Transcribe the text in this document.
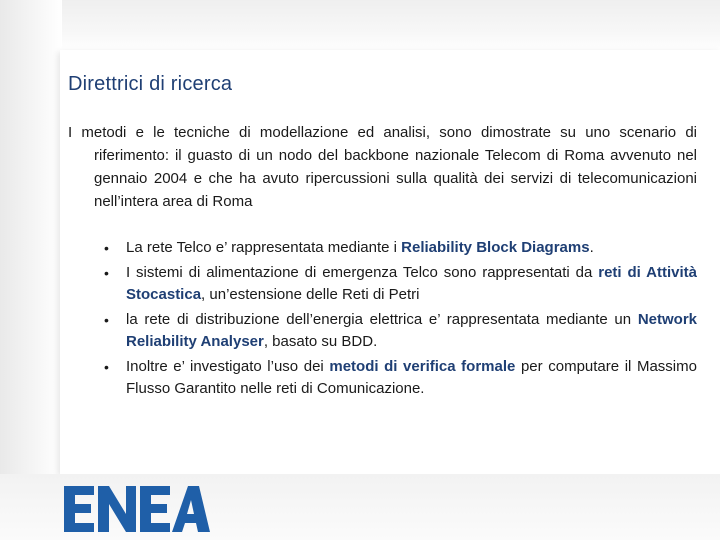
Direttrici di ricerca

I metodi e le tecniche di modellazione ed analisi, sono dimostrate su uno scenario di riferimento: il guasto di un nodo del backbone nazionale Telecom di Roma avvenuto nel gennaio 2004 e che ha avuto ripercussioni sulla qualità dei servizi di telecomunicazioni nell’intera area di Roma

• La rete Telco e’ rappresentata mediante i Reliability Block Diagrams.
• I sistemi di alimentazione di emergenza Telco sono rappresentati da reti di Attività Stocastica, un’estensione delle Reti di Petri
• la rete di distribuzione dell’energia elettrica e’ rappresentata mediante un Network Reliability Analyser, basato su BDD.
• Inoltre e’ investigato l’uso dei metodi di verifica formale per computare il Massimo Flusso Garantito nelle reti di Comunicazione.
